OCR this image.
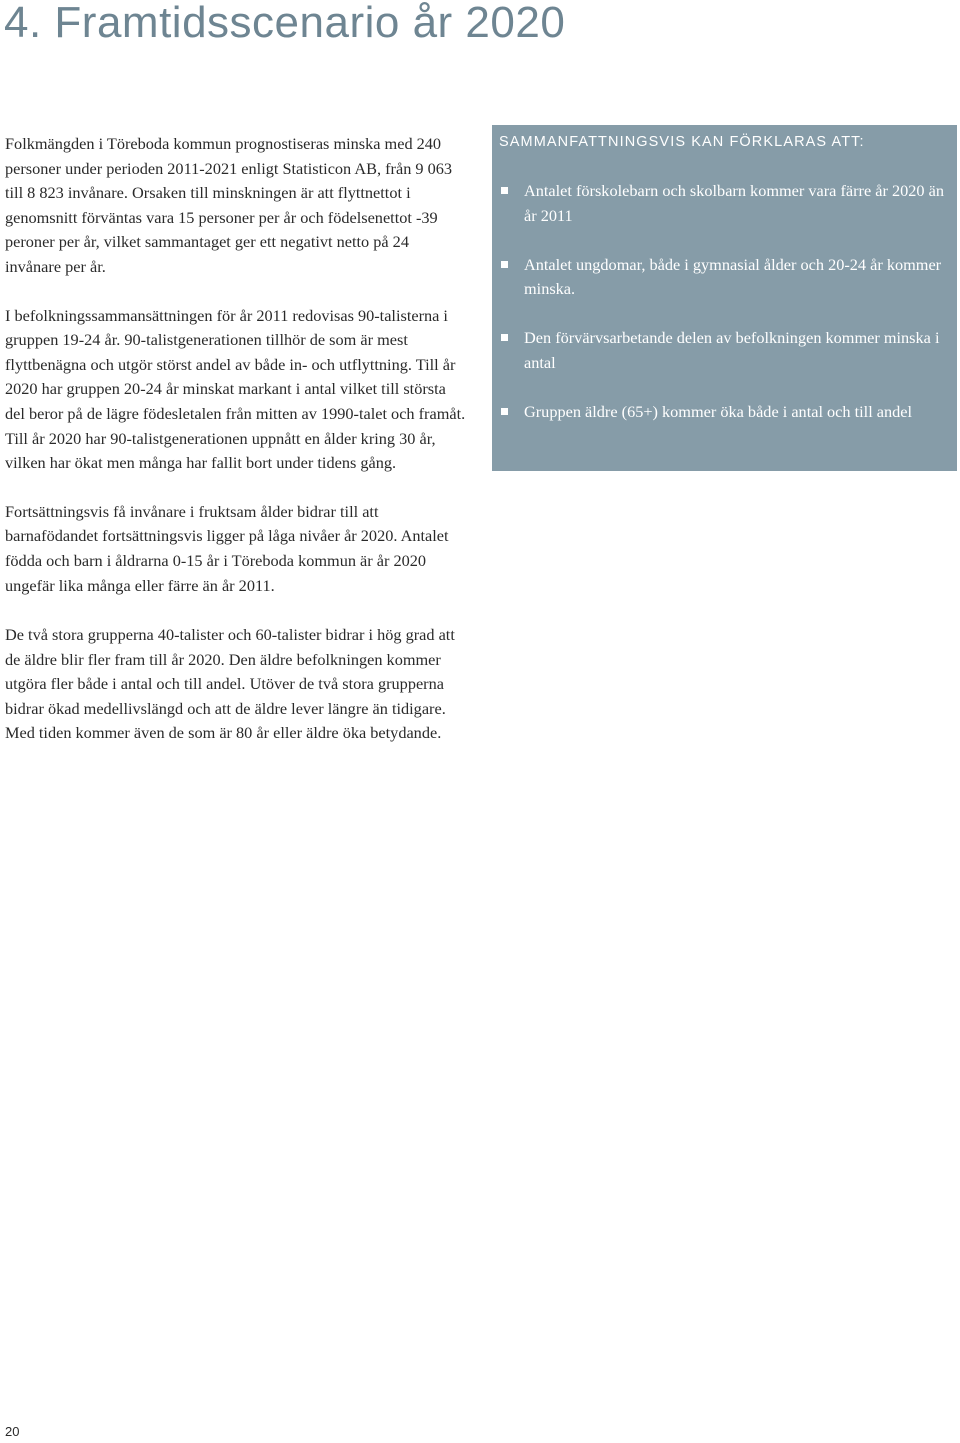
4. Framtidsscenario år 2020

Folkmängden i Töreboda kommun prognostiseras minska med 240 personer under perioden 2011-2021 enligt Statisticon AB, från 9 063 till 8 823 invånare. Orsaken till minskningen är att flyttnettot i genomsnitt förväntas vara 15 personer per år och födelsenettot -39 peroner per år, vilket sammantaget ger ett negativt netto på 24 invånare per år.

I befolkningssammansättningen för år 2011 redovisas 90-talisterna i gruppen 19-24 år. 90-talistgenerationen tillhör de som är mest flyttbenägna och utgör störst andel av både in- och utflyttning. Till år 2020 har gruppen 20-24 år minskat markant i antal vilket till största del beror på de lägre födesletalen från mitten av 1990-talet och framåt. Till år 2020 har 90-talistgenerationen uppnått en ålder kring 30 år, vilken har ökat men många har fallit bort under tidens gång.

Fortsättningsvis få invånare i fruktsam ålder bidrar till att barnafödandet fortsättningsvis ligger på låga nivåer år 2020. Antalet födda och barn i åldrarna 0-15 år i Töreboda kommun är år 2020 ungefär lika många eller färre än år 2011.

De två stora grupperna 40-talister och 60-talister bidrar i hög grad att de äldre blir fler fram till år 2020. Den äldre befolkningen kommer utgöra fler både i antal och till andel. Utöver de två stora grupperna bidrar ökad medellivslängd och att de äldre lever längre än tidigare. Med tiden kommer även de som är 80 år eller äldre öka betydande.

SAMMANFATTNINGSVIS KAN FÖRKLARAS ATT:
Antalet förskolebarn och skolbarn kommer vara färre år 2020 än år 2011
Antalet ungdomar, både i gymnasial ålder och 20-24 år kommer minska.
Den förvärvsarbetande delen av befolkningen kommer minska i antal
Gruppen äldre (65+) kommer öka både i antal och till andel
20
